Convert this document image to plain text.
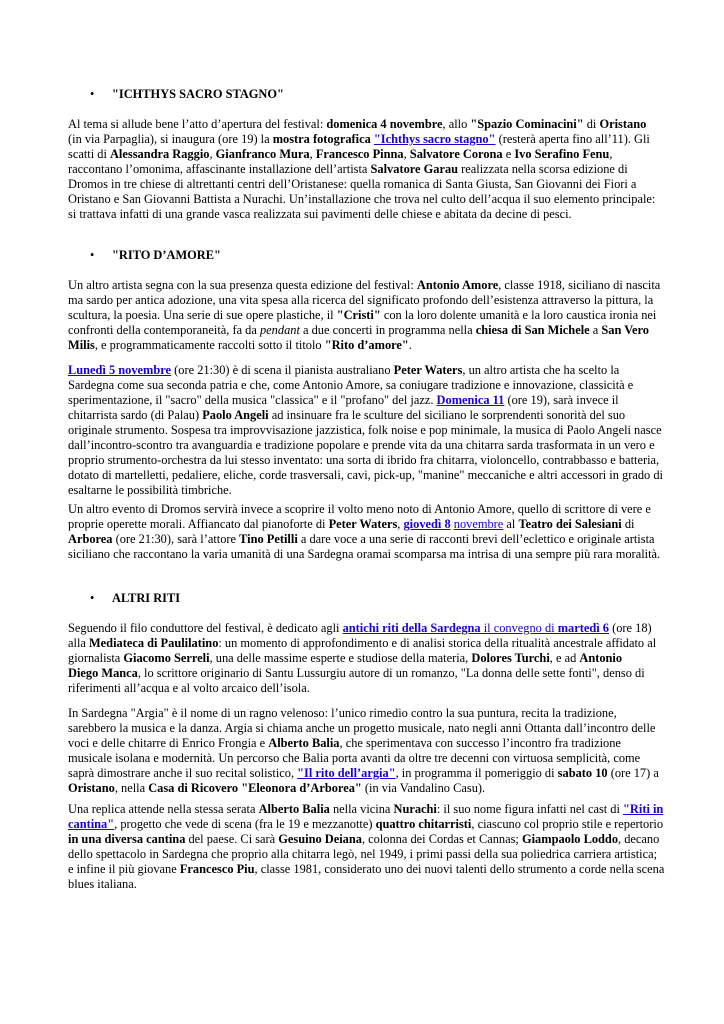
• "ICHTHYS SACRO STAGNO"
Al tema si allude bene l’atto d’apertura del festival: domenica 4 novembre, allo "Spazio Cominacini" di Oristano
(in via Parpaglia), si inaugura (ore 19) la mostra fotografica "Ichthys sacro stagno" (resterà aperta fino all’11). Gli
scatti di Alessandra Raggio, Gianfranco Mura, Francesco Pinna, Salvatore Corona e Ivo Serafino Fenu,
raccontano l’omonima, affascinante installazione dell’artista Salvatore Garau realizzata nella scorsa edizione di
Dromos in tre chiese di altrettanti centri dell’Oristanese: quella romanica di Santa Giusta, San Giovanni dei Fiori a
Oristano e San Giovanni Battista a Nurachi. Un’installazione che trova nel culto dell’acqua il suo elemento principale:
si trattava infatti di una grande vasca realizzata sui pavimenti delle chiese e abitata da decine di pesci.
• "RITO D’AMORE"
Un altro artista segna con la sua presenza questa edizione del festival: Antonio Amore, classe 1918, siciliano di nascita
ma sardo per antica adozione, una vita spesa alla ricerca del significato profondo dell’esistenza attraverso la pittura, la
scultura, la poesia. Una serie di sue opere plastiche, il "Cristi" con la loro dolente umanità e la loro caustica ironia nei
confronti della contemporaneità, fa da pendant a due concerti in programma nella chiesa di San Michele a San Vero
Milis, e programmaticamente raccolti sotto il titolo "Rito d’amore".
Lunedì 5 novembre (ore 21:30) è di scena il pianista australiano Peter Waters, un altro artista che ha scelto la
Sardegna come sua seconda patria e che, come Antonio Amore, sa coniugare tradizione e innovazione, classicità e
sperimentazione, il "sacro" della musica "classica" e il "profano" del jazz. Domenica 11 (ore 19), sarà invece il
chitarrista sardo (di Palau) Paolo Angeli ad insinuare fra le sculture del siciliano le sorprendenti sonorità del suo
originale strumento. Sospesa tra improvvisazione jazzistica, folk noise e pop minimale, la musica di Paolo Angeli nasce
dall’incontro-scontro tra avanguardia e tradizione popolare e prende vita da una chitarra sarda trasformata in un vero e
proprio strumento-orchestra da lui stesso inventato: una sorta di ibrido fra chitarra, violoncello, contrabbasso e batteria,
dotato di martelletti, pedaliere, eliche, corde trasversali, cavi, pick-up, "manine" meccaniche e altri accessori in grado di
esaltarne le possibilità timbriche.
Un altro evento di Dromos servirà invece a scoprire il volto meno noto di Antonio Amore, quello di scrittore di vere e
proprie operette morali. Affiancato dal pianoforte di Peter Waters, giovedì 8 novembre al Teatro dei Salesiani di
Arborea (ore 21:30), sarà l’attore Tino Petilli a dare voce a una serie di racconti brevi dell’eclettico e originale artista
siciliano che raccontano la varia umanità di una Sardegna oramai scomparsa ma intrisa di una sempre più rara moralità.
• ALTRI RITI
Seguendo il filo conduttore del festival, è dedicato agli antichi riti della Sardegna il convegno di martedì 6 (ore 18)
alla Mediateca di Paulilatino: un momento di approfondimento e di analisi storica della ritualità ancestrale affidato al
giornalista Giacomo Serreli, una delle massime esperte e studiose della materia, Dolores Turchi, e ad Antonio
Diego Manca, lo scrittore originario di Santu Lussurgiu autore di un romanzo, "La donna delle sette fonti", denso di
riferimenti all’acqua e al volto arcaico dell’isola.
In Sardegna "Argia" è il nome di un ragno velenoso: l’unico rimedio contro la sua puntura, recita la tradizione,
sarebbero la musica e la danza. Argia si chiama anche un progetto musicale, nato negli anni Ottanta dall’incontro delle
voci e delle chitarre di Enrico Frongia e Alberto Balia, che sperimentava con successo l’incontro fra tradizione
musicale isolana e modernità. Un percorso che Balia porta avanti da oltre tre decenni con virtuosa semplicità, come
saprà dimostrare anche il suo recital solistico, "Il rito dell’argia", in programma il pomeriggio di sabato 10 (ore 17) a
Oristano, nella Casa di Ricovero "Eleonora d’Arborea" (in via Vandalino Casu).
Una replica attende nella stessa serata Alberto Balia nella vicina Nurachi: il suo nome figura infatti nel cast di "Riti in
cantina", progetto che vede di scena (fra le 19 e mezzanotte) quattro chitarristi, ciascuno col proprio stile e repertorio
in una diversa cantina del paese. Ci sarà Gesuino Deiana, colonna dei Cordas et Cannas; Giampaolo Loddo, decano
dello spettacolo in Sardegna che proprio alla chitarra legò, nel 1949, i primi passi della sua poliedrica carriera artistica;
e infine il più giovane Francesco Piu, classe 1981, considerato uno dei nuovi talenti dello strumento a corde nella scena
blues italiana.
